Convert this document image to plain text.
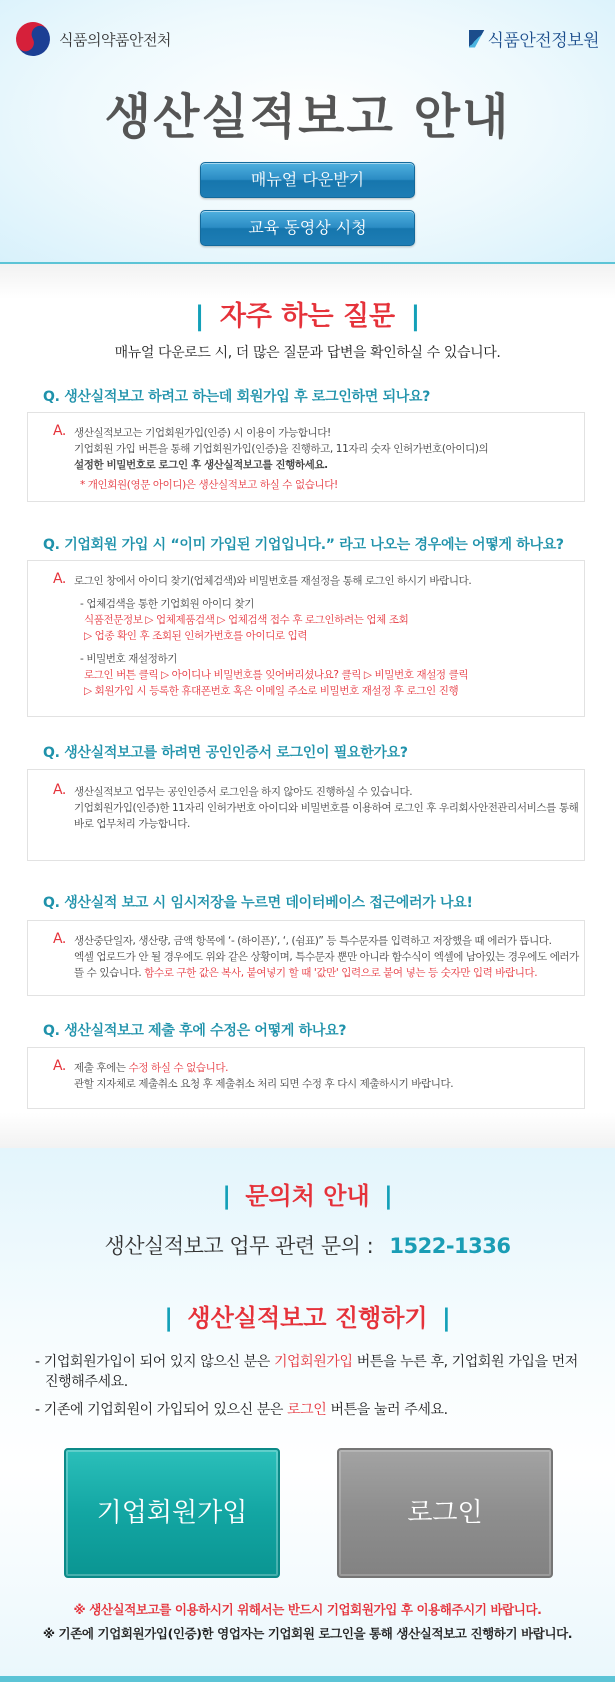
식품의약품안전처	식품안전정보원
생산실적보고 안내
매뉴얼 다운받기
교육 동영상 시청
| 자주 하는 질문 |
매뉴얼 다운로드 시, 더 많은 질문과 답변을 확인하실 수 있습니다.
Q. 생산실적보고 하려고 하는데 회원가입 후 로그인하면 되나요?
A. 생산실적보고는 기업회원가입(인증) 시 이용이 가능합니다!
기업회원 가입 버튼을 통해 기업회원가입(인증)을 진행하고, 11자리 숫자 인허가번호(아이디)의
설정한 비밀번호로 로그인 후 생산실적보고를 진행하세요.
* 개인회원(영문 아이디)은 생산실적보고 하실 수 없습니다!
Q. 기업회원 가입 시 “이미 가입된 기업입니다.” 라고 나오는 경우에는 어떻게 하나요?
A. 로그인 창에서 아이디 찾기(업체검색)와 비밀번호를 재설정을 통해 로그인 하시기 바랍니다.
- 업체검색을 통한 기업회원 아이디 찾기
식품전문정보 ▷ 업체제품검색 ▷ 업체검색 접수 후 로그인하려는 업체 조회
▷ 업종 확인 후 조회된 인허가번호를 아이디로 입력
- 비밀번호 재설정하기
로그인 버튼 클릭 ▷ 아이디나 비밀번호를 잊어버리셨나요? 클릭 ▷ 비밀번호 재설정 클릭
▷ 회원가입 시 등록한 휴대폰번호 혹은 이메일 주소로 비밀번호 재설정 후 로그인 진행
Q. 생산실적보고를 하려면 공인인증서 로그인이 필요한가요?
A. 생산실적보고 업무는 공인인증서 로그인을 하지 않아도 진행하실 수 있습니다.
기업회원가입(인증)한 11자리 인허가번호 아이디와 비밀번호를 이용하여 로그인 후 우리회사안전관리서비스를 통해
바로 업무처리 가능합니다.
Q. 생산실적 보고 시 임시저장을 누르면 데이터베이스 접근에러가 나요!
A. 생산중단일자, 생산량, 금액 항목에 ‘- (하이픈)’, ‘, (쉼표)” 등 특수문자를 입력하고 저장했을 때 에러가 뜹니다.
엑셀 업로드가 안 될 경우에도 위와 같은 상황이며, 특수문자 뿐만 아니라 함수식이 엑셀에 남아있는 경우에도 에러가
뜰 수 있습니다. 함수로 구한 값은 복사, 붙여넣기 할 때 '값만' 입력으로 붙여 넣는 등 숫자만 입력 바랍니다.
Q. 생산실적보고 제출 후에 수정은 어떻게 하나요?
A. 제출 후에는 수정 하실 수 없습니다.
관할 지자체로 제출취소 요청 후 제출취소 처리 되면 수정 후 다시 제출하시기 바랍니다.
| 문의처 안내 |
생산실적보고 업무 관련 문의 : 1522-1336
| 생산실적보고 진행하기 |
- 기업회원가입이 되어 있지 않으신 분은 기업회원가입 버튼을 누른 후, 기업회원 가입을 먼저
진행해주세요.
- 기존에 기업회원이 가입되어 있으신 분은 로그인 버튼을 눌러 주세요.
기업회원가입	로그인
※ 생산실적보고를 이용하시기 위해서는 반드시 기업회원가입 후 이용해주시기 바랍니다.
※ 기존에 기업회원가입(인증)한 영업자는 기업회원 로그인을 통해 생산실적보고 진행하기 바랍니다.
